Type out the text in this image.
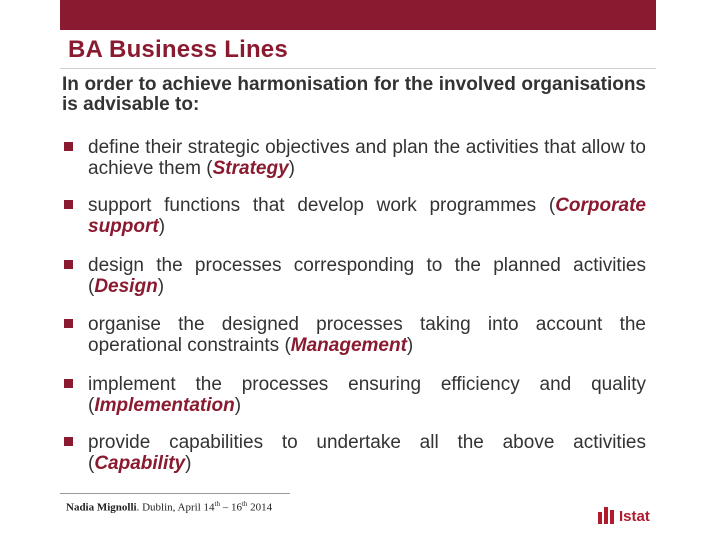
BA Business Lines

In order to achieve harmonisation for the involved organisations is advisable to:

define their strategic objectives and plan the activities that allow to achieve them (Strategy)
support functions that develop work programmes (Corporate support)
design the processes corresponding to the planned activities (Design)
organise the designed processes taking into account the operational constraints (Management)
implement the processes ensuring efficiency and quality (Implementation)
provide capabilities to undertake all the above activities (Capability)
Nadia Mignolli. Dublin, April 14th – 16th 2014
Istat
